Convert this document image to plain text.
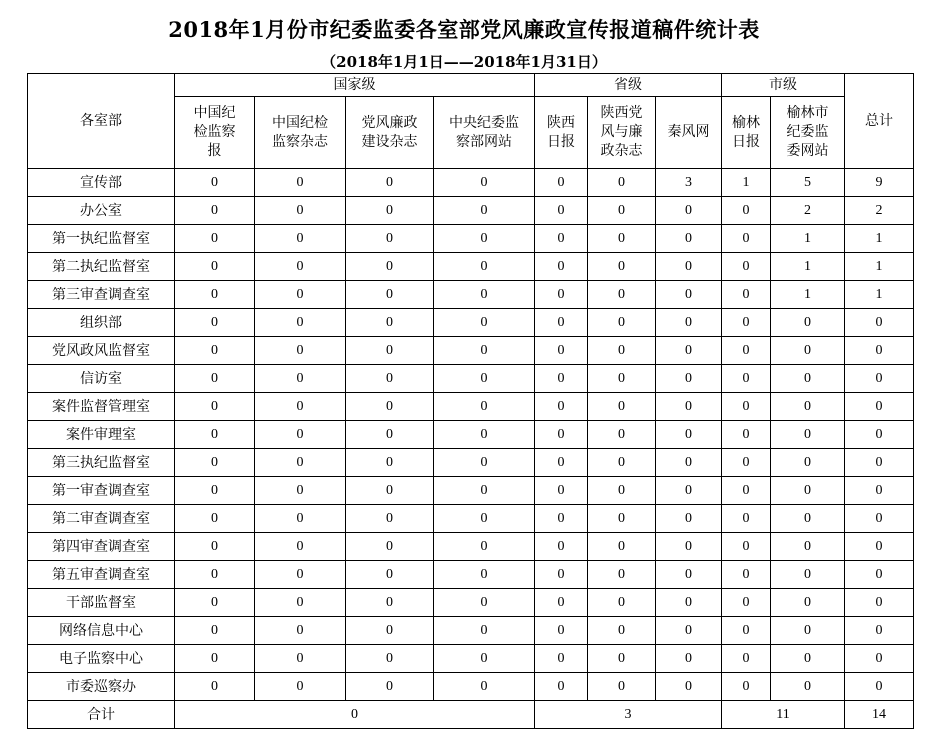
2018年1月份市纪委监委各室部党风廉政宣传报道稿件统计表
（2018年1月1日——2018年1月31日）
各室部	国家级				省级			市级		总计

	中国纪检监察报	中国纪检监察杂志	党风廉政建设杂志	中央纪委监察部网站	陕西日报	陕西党风与廉政杂志	秦风网	榆林日报	榆林市纪委监委网站	

宣传部	0	0	0	0	0	0	3	1	5	9
办公室	0	0	0	0	0	0	0	0	2	2
第一执纪监督室	0	0	0	0	0	0	0	0	1	1
第二执纪监督室	0	0	0	0	0	0	0	0	1	1
第三审查调查室	0	0	0	0	0	0	0	0	1	1
组织部	0	0	0	0	0	0	0	0	0	0
党风政风监督室	0	0	0	0	0	0	0	0	0	0
信访室	0	0	0	0	0	0	0	0	0	0
案件监督管理室	0	0	0	0	0	0	0	0	0	0
案件审理室	0	0	0	0	0	0	0	0	0	0
第三执纪监督室	0	0	0	0	0	0	0	0	0	0
第一审查调查室	0	0	0	0	0	0	0	0	0	0
第二审查调查室	0	0	0	0	0	0	0	0	0	0
第四审查调查室	0	0	0	0	0	0	0	0	0	0
第五审查调查室	0	0	0	0	0	0	0	0	0	0
干部监督室	0	0	0	0	0	0	0	0	0	0
网络信息中心	0	0	0	0	0	0	0	0	0	0
电子监察中心	0	0	0	0	0	0	0	0	0	0
市委巡察办	0	0	0	0	0	0	0	0	0	0
合计	0				3			11		14
